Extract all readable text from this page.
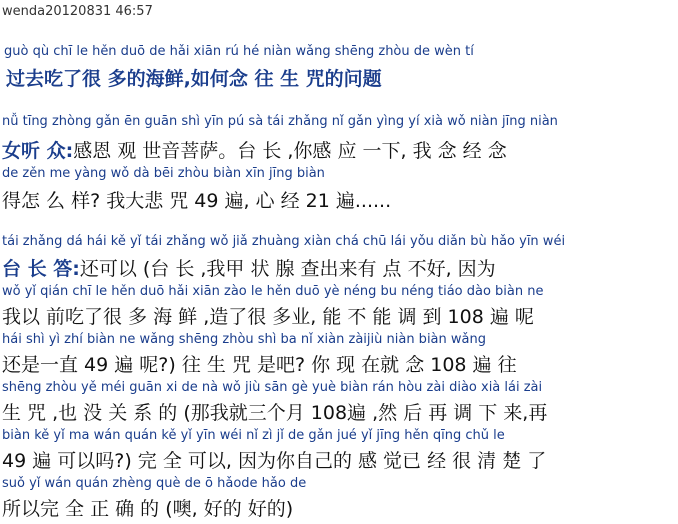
wenda20120831 46:57
guò qù chī le hěn duō de hǎi xiān rú hé niàn wǎng shēng zhòu de wèn tí
过去吃了很 多的海鲜,如何念 往 生 咒的问题
nǚ tīng zhòng gǎn ēn guān shì yīn pú sà tái zhǎng nǐ gǎn yìng yí xià wǒ niàn jīng niàn
女听 众:感恩 观 世音菩萨。台 长 ,你感 应 一下, 我 念 经 念
de zěn me yàng wǒ dà bēi zhòu biàn xīn jīng biàn
得怎 么 样? 我大悲 咒 49 遍, 心 经 21 遍......
tái zhǎng dá hái kě yǐ tái zhǎng wǒ jiǎ zhuàng xiàn chá chū lái yǒu diǎn bù hǎo yīn wéi
台 长 答:还可以 (台 长 ,我甲 状 腺 查出来有 点 不好, 因为
wǒ yǐ qián chī le hěn duō hǎi xiān zào le hěn duō yè néng bu néng tiáo dào biàn ne
我以 前吃了很 多 海 鲜 ,造了很 多业, 能 不 能 调 到 108 遍 呢
hái shì yì zhí biàn ne wǎng shēng zhòu shì ba nǐ xiàn zàijiù niàn biàn wǎng
还是一直 49 遍 呢?) 往 生 咒 是吧? 你 现 在就 念 108 遍 往
shēng zhòu yě méi guān xi de nà wǒ jiù sān gè yuè biàn rán hòu zài diào xià lái zài
生 咒 ,也 没 关 系 的 (那我就三个月 108遍 ,然 后 再 调 下 来,再
biàn kě yǐ ma wán quán kě yǐ yīn wéi nǐ zì jǐ de gǎn jué yǐ jīng hěn qīng chǔ le
49 遍 可以吗?) 完 全 可以, 因为你自己的 感 觉已 经 很 清 楚 了
suǒ yǐ wán quán zhèng què de ō hǎode hǎo de
所以完 全 正 确 的 (噢, 好的 好的)
